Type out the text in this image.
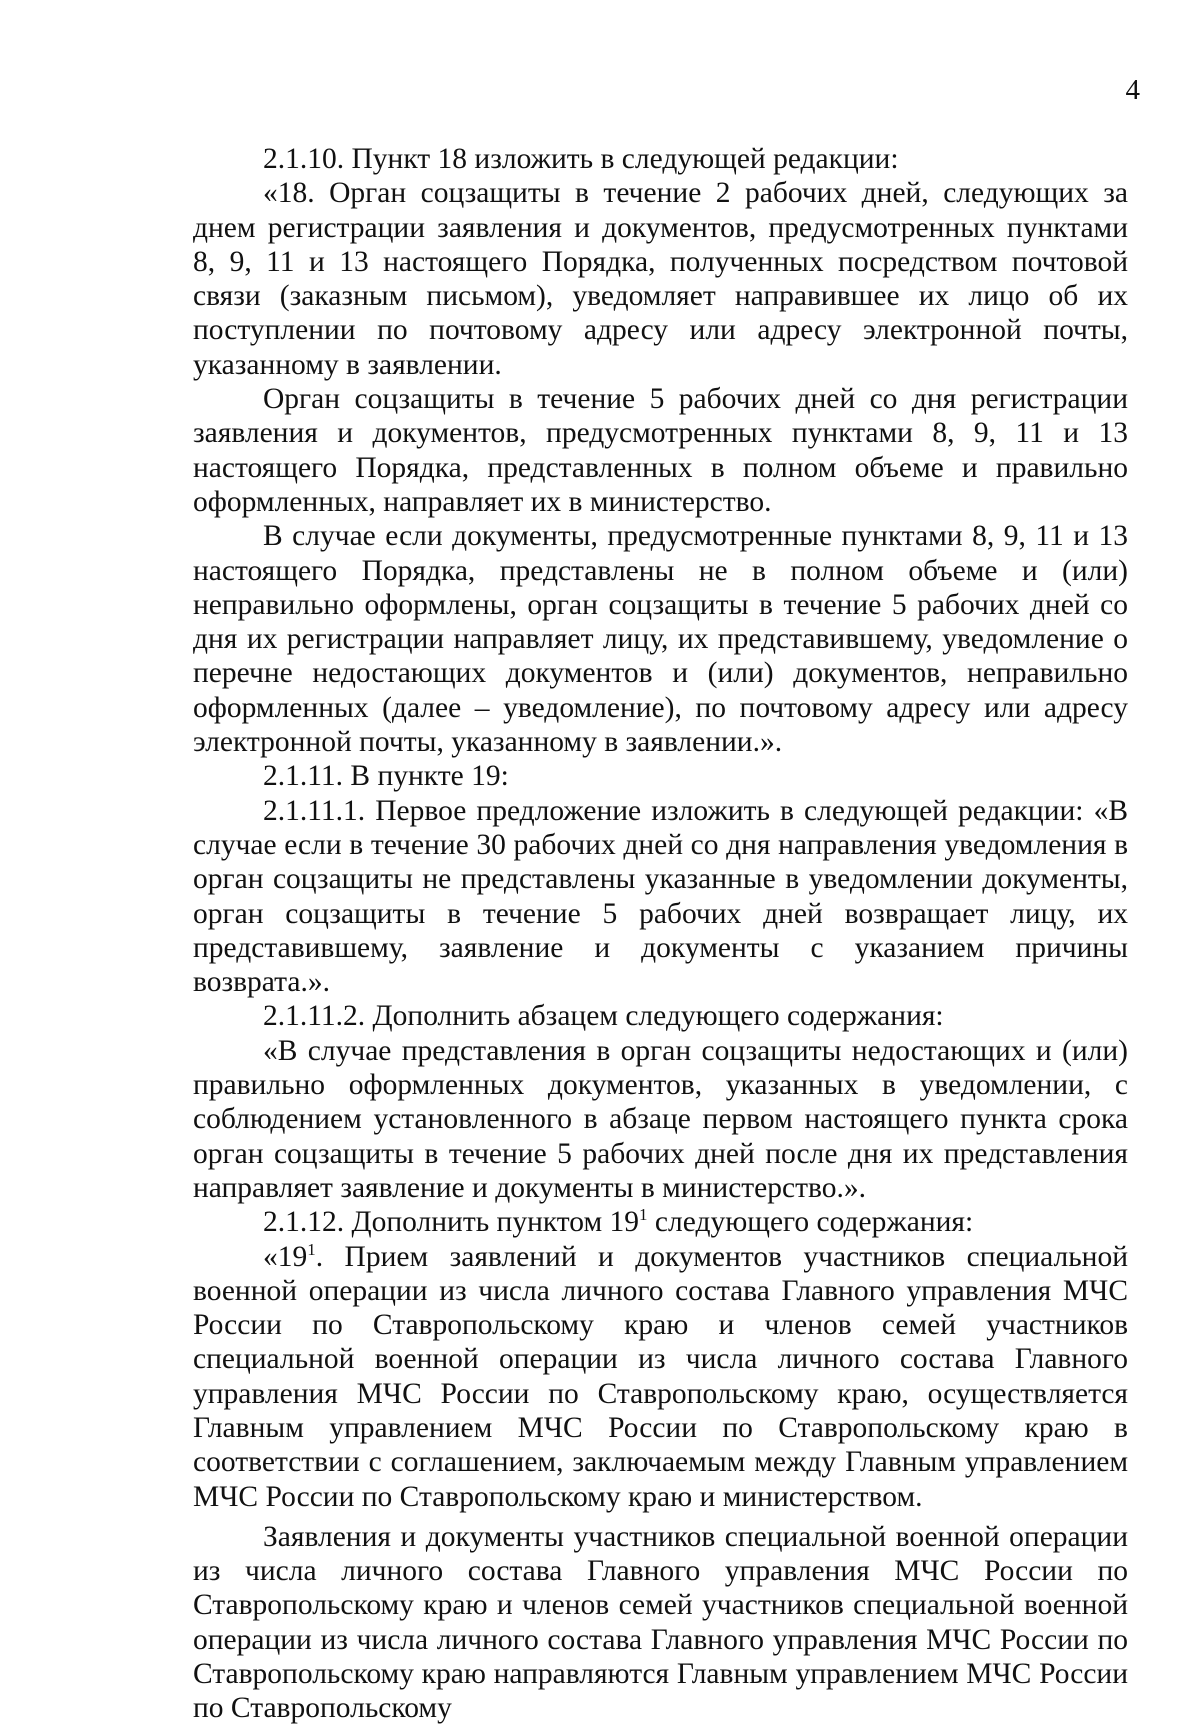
4

2.1.10. Пункт 18 изложить в следующей редакции:

«18. Орган соцзащиты в течение 2 рабочих дней, следующих за днем регистрации заявления и документов, предусмотренных пунктами 8, 9, 11 и 13 настоящего Порядка, полученных посредством почтовой связи (заказным письмом), уведомляет направившее их лицо об их поступлении по почтовому адресу или адресу электронной почты, указанному в заявлении.

Орган соцзащиты в течение 5 рабочих дней со дня регистрации заявления и документов, предусмотренных пунктами 8, 9, 11 и 13 настоящего Порядка, представленных в полном объеме и правильно оформленных, направляет их в министерство.

В случае если документы, предусмотренные пунктами 8, 9, 11 и 13 настоящего Порядка, представлены не в полном объеме и (или) неправильно оформлены, орган соцзащиты в течение 5 рабочих дней со дня их регистрации направляет лицу, их представившему, уведомление о перечне недостающих документов и (или) документов, неправильно оформленных (далее – уведомление), по почтовому адресу или адресу электронной почты, указанному в заявлении.».

2.1.11. В пункте 19:

2.1.11.1. Первое предложение изложить в следующей редакции: «В случае если в течение 30 рабочих дней со дня направления уведомления в орган соцзащиты не представлены указанные в уведомлении документы, орган соцзащиты в течение 5 рабочих дней возвращает лицу, их представившему, заявление и документы с указанием причины возврата.».

2.1.11.2. Дополнить абзацем следующего содержания:

«В случае представления в орган соцзащиты недостающих и (или) правильно оформленных документов, указанных в уведомлении, с соблюдением установленного в абзаце первом настоящего пункта срока орган соцзащиты в течение 5 рабочих дней после дня их представления направляет заявление и документы в министерство.».

2.1.12. Дополнить пунктом $19^1$ следующего содержания:

«$19^1$. Прием заявлений и документов участников специальной военной операции из числа личного состава Главного управления МЧС России по Ставропольскому краю и членов семей участников специальной военной операции из числа личного состава Главного управления МЧС России по Ставропольскому краю, осуществляется Главным управлением МЧС России по Ставропольскому краю в соответствии с соглашением, заключаемым между Главным управлением МЧС России по Ставропольскому краю и министерством.

Заявления и документы участников специальной военной операции из числа личного состава Главного управления МЧС России по Ставропольскому краю и членов семей участников специальной военной операции из числа личного состава Главного управления МЧС России по Ставропольскому краю направляются Главным управлением МЧС России по Ставропольскому
